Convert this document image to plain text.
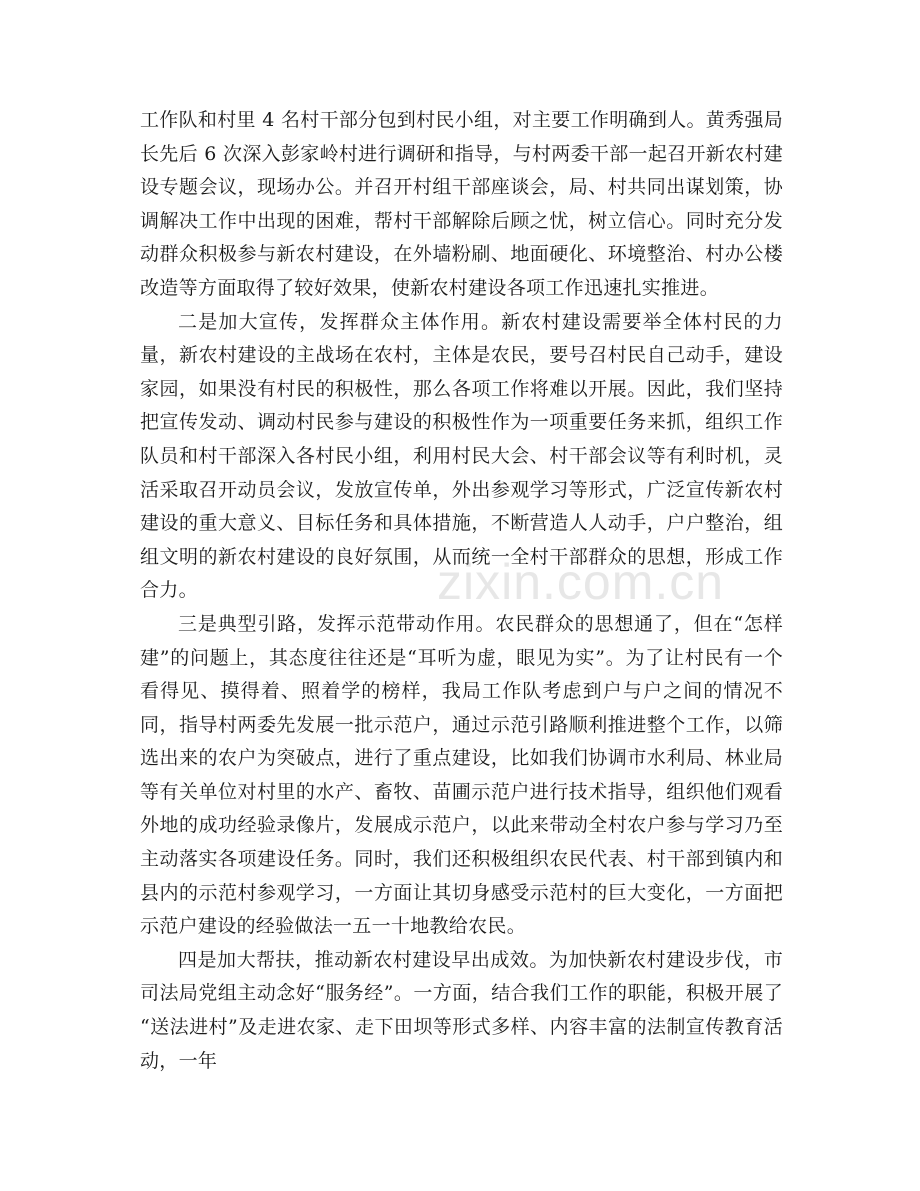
工作队和村里 4 名村干部分包到村民小组，对主要工作明确到人。黄秀强局长先后 6 次深入彭家岭村进行调研和指导，与村两委干部一起召开新农村建设专题会议，现场办公。并召开村组干部座谈会，局、村共同出谋划策，协调解决工作中出现的困难，帮村干部解除后顾之忧，树立信心。同时充分发动群众积极参与新农村建设，在外墙粉刷、地面硬化、环境整治、村办公楼改造等方面取得了较好效果，使新农村建设各项工作迅速扎实推进。

二是加大宣传，发挥群众主体作用。新农村建设需要举全体村民的力量，新农村建设的主战场在农村，主体是农民，要号召村民自己动手，建设家园，如果没有村民的积极性，那么各项工作将难以开展。因此，我们坚持把宣传发动、调动村民参与建设的积极性作为一项重要任务来抓，组织工作队员和村干部深入各村民小组，利用村民大会、村干部会议等有利时机，灵活采取召开动员会议，发放宣传单，外出参观学习等形式，广泛宣传新农村建设的重大意义、目标任务和具体措施，不断营造人人动手，户户整治，组组文明的新农村建设的良好氛围，从而统一全村干部群众的思想，形成工作合力。

三是典型引路，发挥示范带动作用。农民群众的思想通了，但在“怎样建”的问题上，其态度往往还是“耳听为虚，眼见为实”。为了让村民有一个看得见、摸得着、照着学的榜样，我局工作队考虑到户与户之间的情况不同，指导村两委先发展一批示范户，通过示范引路顺利推进整个工作，以筛选出来的农户为突破点，进行了重点建设，比如我们协调市水利局、林业局等有关单位对村里的水产、畜牧、苗圃示范户进行技术指导，组织他们观看外地的成功经验录像片，发展成示范户，以此来带动全村农户参与学习乃至主动落实各项建设任务。同时，我们还积极组织农民代表、村干部到镇内和县内的示范村参观学习，一方面让其切身感受示范村的巨大变化，一方面把示范户建设的经验做法一五一十地教给农民。

四是加大帮扶，推动新农村建设早出成效。为加快新农村建设步伐，市司法局党组主动念好“服务经”。一方面，结合我们工作的职能，积极开展了 “送法进村”及走进农家、走下田坝等形式多样、内容丰富的法制宣传教育活动，一年

zixin.com.cn
